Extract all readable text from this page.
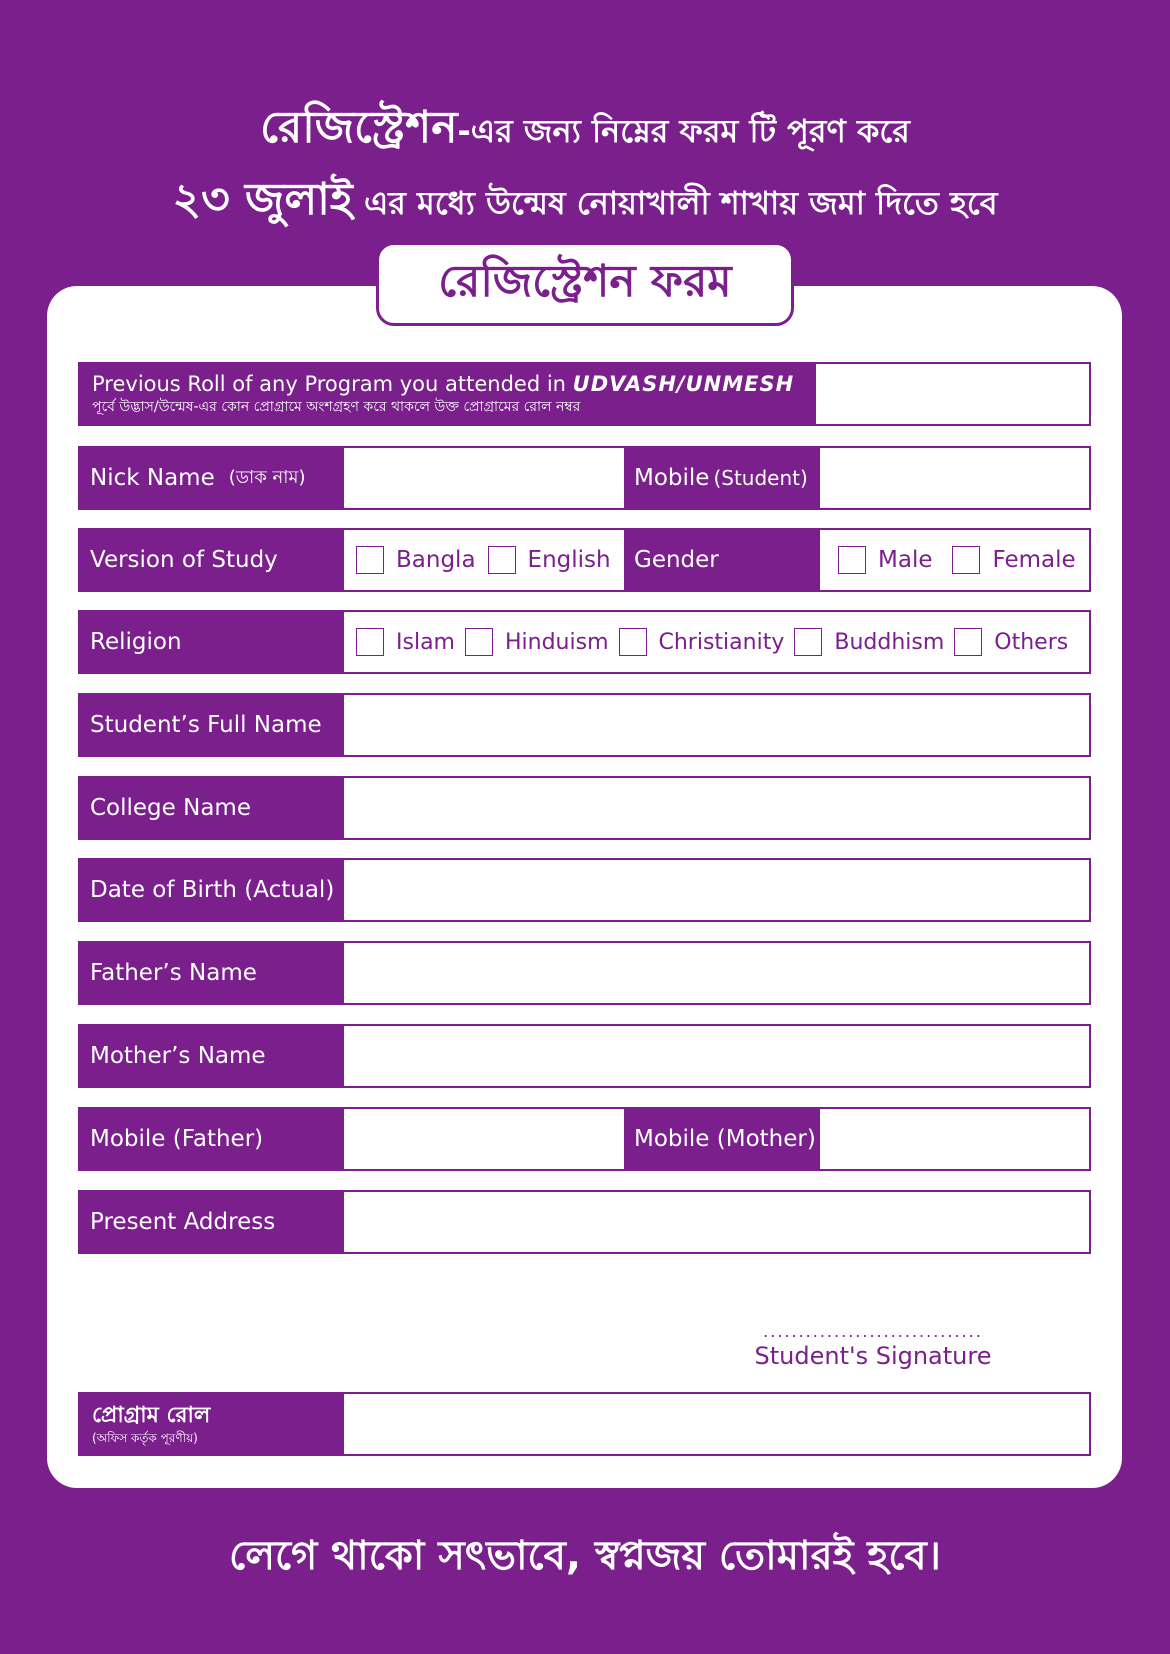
রেজিস্ট্রেশন-এর জন্য নিম্নের ফরম টি পূরণ করে
২৩ জুলাই এর মধ্যে উন্মেষ নোয়াখালী শাখায় জমা দিতে হবে
রেজিস্ট্রেশন ফরম
Previous Roll of any Program you attended in UDVASH/UNMESH
পূর্বে উদ্ভাস/উন্মেষ-এর কোন প্রোগ্রামে অংশগ্রহণ করে থাকলে উক্ত প্রোগ্রামের রোল নম্বর
Nick Name (ডাক নাম)	Mobile (Student)
Version of Study	Bangla English	Gender	Male	Female
Religion	Islam Hinduism Christianity Buddhism Others
Student’s Full Name
College Name
Date of Birth (Actual)
Father’s Name
Mother’s Name
Mobile (Father)	Mobile (Mother)
Present Address
...............................
Student's Signature
প্রোগ্রাম রোল
(অফিস কর্তৃক পূরণীয়)
লেগে থাকো সৎভাবে, স্বপ্নজয় তোমারই হবে।
